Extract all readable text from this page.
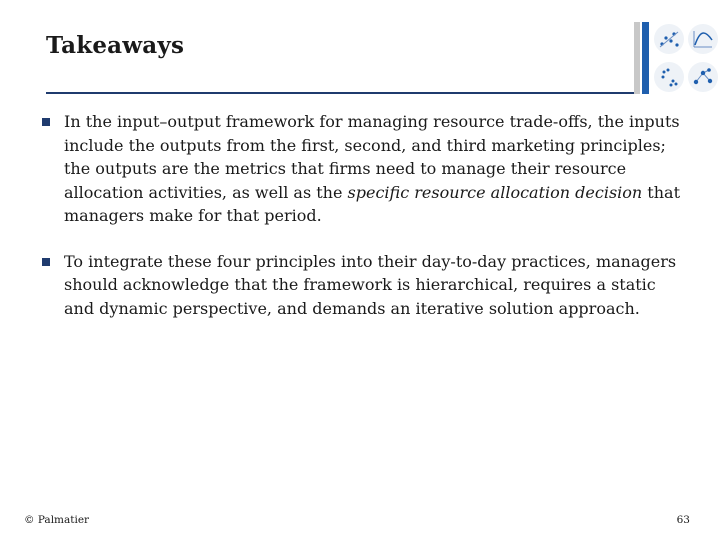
Takeaways
In the input–output framework for managing resource trade-offs, the inputs include the outputs from the first, second, and third marketing principles; the outputs are the metrics that firms need to manage their resource allocation activities, as well as the specific resource allocation decision that managers make for that period.
To integrate these four principles into their day-to-day practices, managers should acknowledge that the framework is hierarchical, requires a static and dynamic perspective, and demands an iterative solution approach.
© Palmatier	63
